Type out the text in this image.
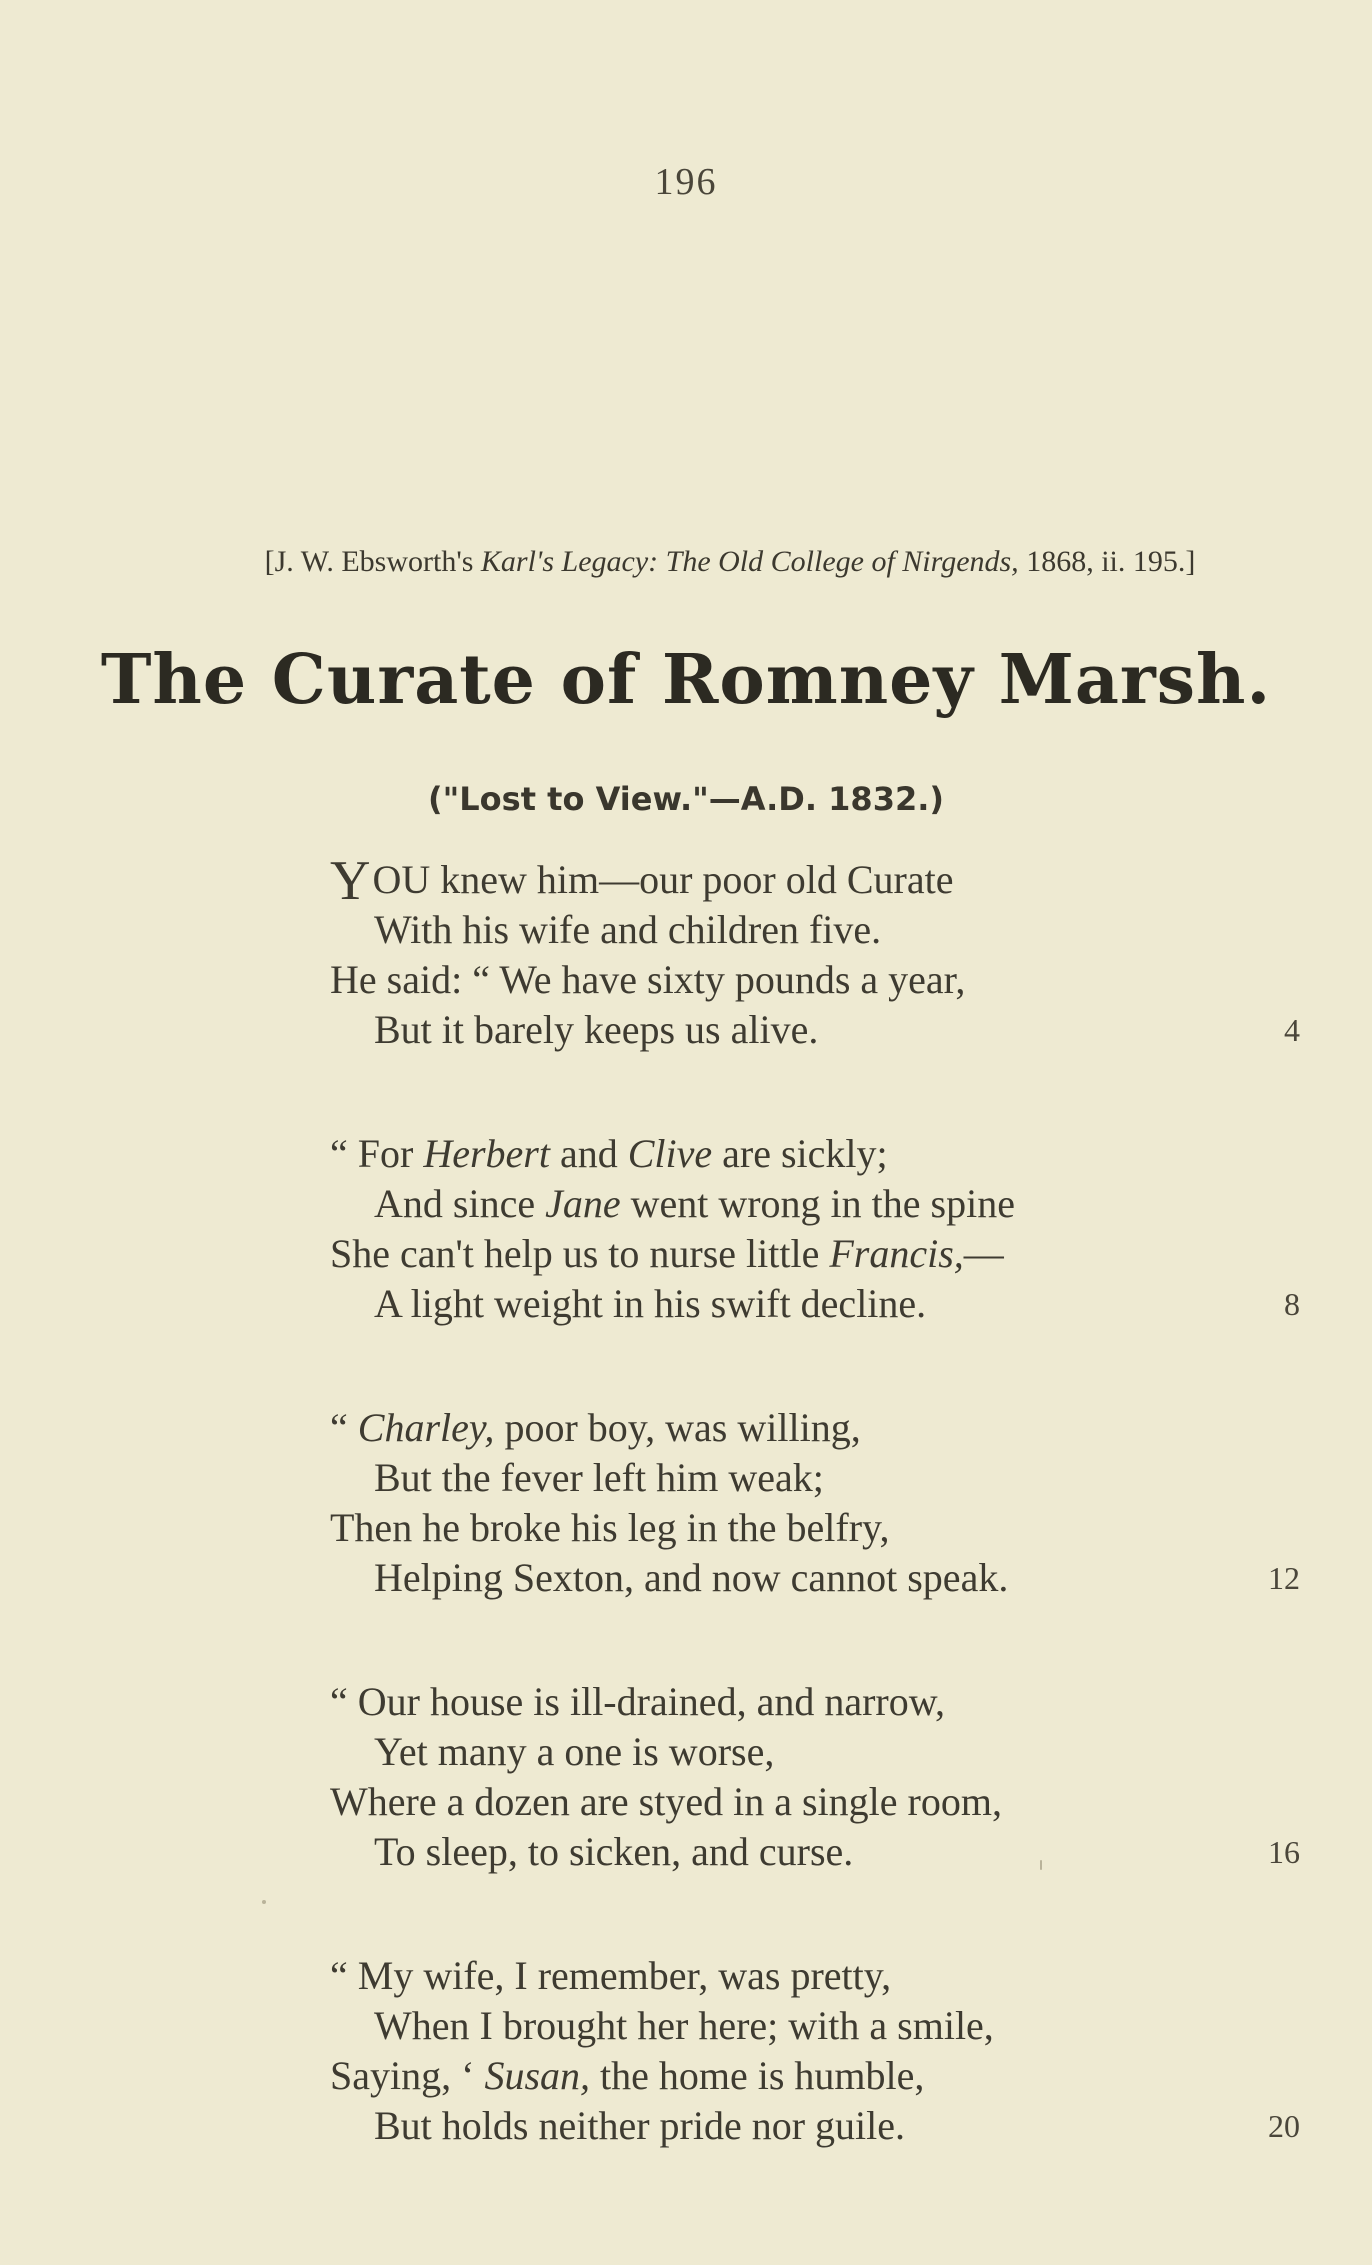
196
[J. W. Ebsworth's Karl's Legacy: The Old College of Nirgends, 1868, ii. 195.]
The Curate of Romney Marsh.
("Lost to View."—A.D. 1832.)
YOU knew him—our poor old Curate
With his wife and children five.
He said: “ We have sixty pounds a year,
But it barely keeps us alive.	4
“ For Herbert and Clive are sickly;
And since Jane went wrong in the spine
She can't help us to nurse little Francis,—
A light weight in his swift decline.	8
“ Charley, poor boy, was willing,
But the fever left him weak;
Then he broke his leg in the belfry,
Helping Sexton, and now cannot speak.	12
“ Our house is ill-drained, and narrow,
Yet many a one is worse,
Where a dozen are styed in a single room,
To sleep, to sicken, and curse.	16
“ My wife, I remember, was pretty,
When I brought her here; with a smile,
Saying, ‘ Susan, the home is humble,
But holds neither pride nor guile.	20
